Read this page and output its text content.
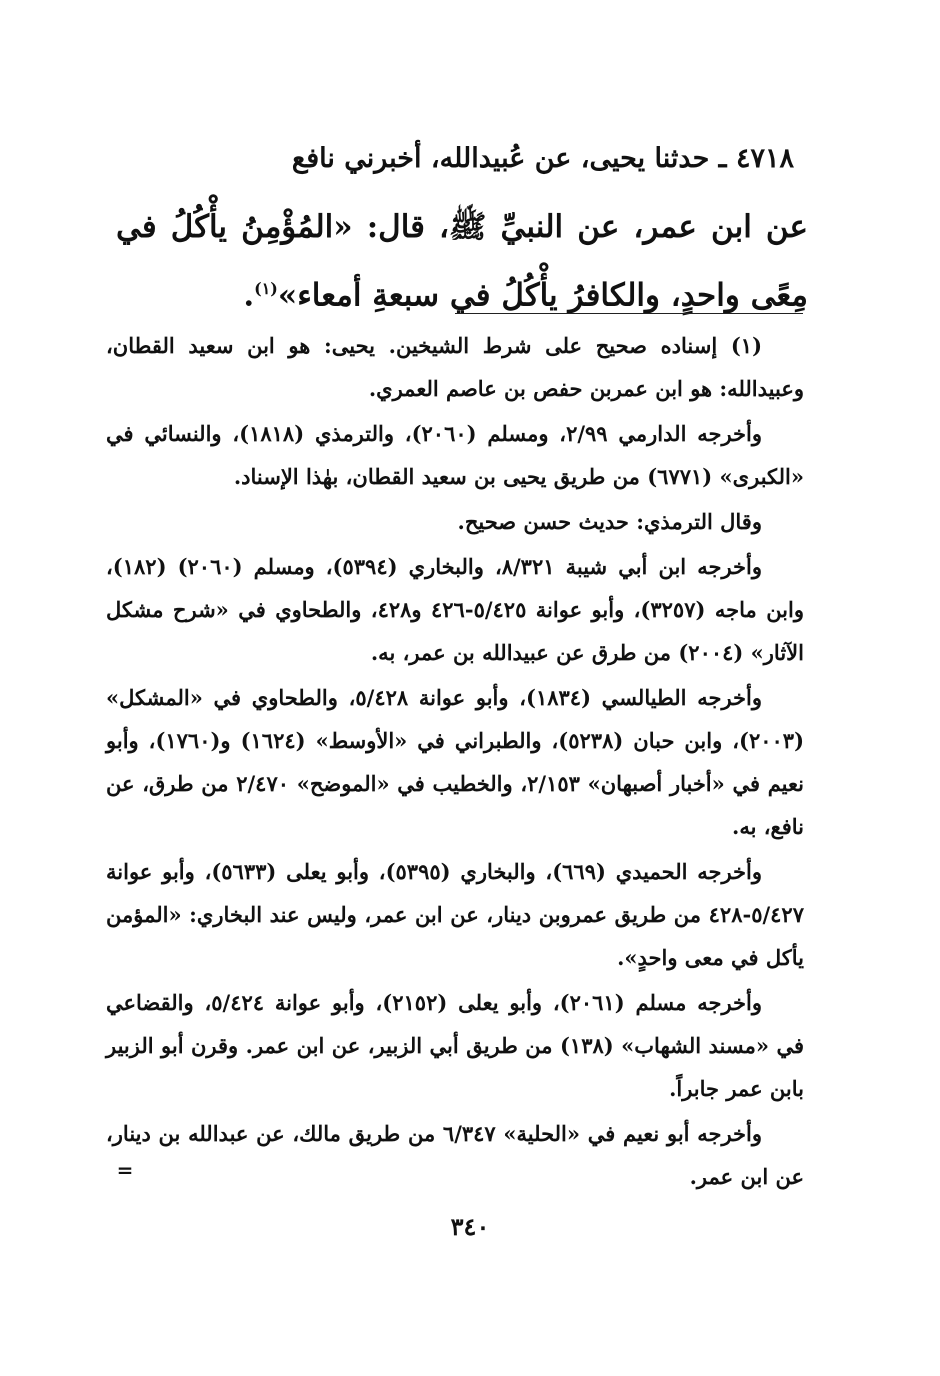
٤٧١٨ ـ حدثنا يحيى، عن عُبيدالله، أخبرني نافع
عن ابن عمر، عن النبيِّ ﷺ، قال: «المُؤْمِنُ يأْكُلُ في مِعًى واحدٍ، والكافرُ يأْكُلُ في سبعةِ أمعاء»$^{(١)}$.

(١) إسناده صحيح على شرط الشيخين. يحيى: هو ابن سعيد القطان، وعبيدالله: هو ابن عمربن حفص بن عاصم العمري.

وأخرجه الدارمي ٢/٩٩، ومسلم (٢٠٦٠)، والترمذي (١٨١٨)، والنسائي في «الكبرى» (٦٧٧١) من طريق يحيى بن سعيد القطان، بهٰذا الإسناد.

وقال الترمذي: حديث حسن صحيح.

وأخرجه ابن أبي شيبة ٨/٣٢١، والبخاري (٥٣٩٤)، ومسلم (٢٠٦٠) (١٨٢)، وابن ماجه (٣٢٥٧)، وأبو عوانة ٥/٤٢٥-٤٢٦ و٤٢٨، والطحاوي في «شرح مشكل الآثار» (٢٠٠٤) من طرق عن عبيدالله بن عمر، به.

وأخرجه الطيالسي (١٨٣٤)، وأبو عوانة ٥/٤٢٨، والطحاوي في «المشكل» (٢٠٠٣)، وابن حبان (٥٢٣٨)، والطبراني في «الأوسط» (١٦٢٤) و(١٧٦٠)، وأبو نعيم في «أخبار أصبهان» ٢/١٥٣، والخطيب في «الموضح» ٢/٤٧٠ من طرق، عن نافع، به.

وأخرجه الحميدي (٦٦٩)، والبخاري (٥٣٩٥)، وأبو يعلى (٥٦٣٣)، وأبو عوانة ٥/٤٢٧-٤٢٨ من طريق عمروبن دينار، عن ابن عمر، وليس عند البخاري: «المؤمن يأكل في معى واحدٍ».

وأخرجه مسلم (٢٠٦١)، وأبو يعلى (٢١٥٢)، وأبو عوانة ٥/٤٢٤، والقضاعي في «مسند الشهاب» (١٣٨) من طريق أبي الزبير، عن ابن عمر. وقرن أبو الزبير بابن عمر جابراً.

وأخرجه أبو نعيم في «الحلية» ٦/٣٤٧ من طريق مالك، عن عبدالله بن دينار، عن ابن عمر.

=
٣٤٠
